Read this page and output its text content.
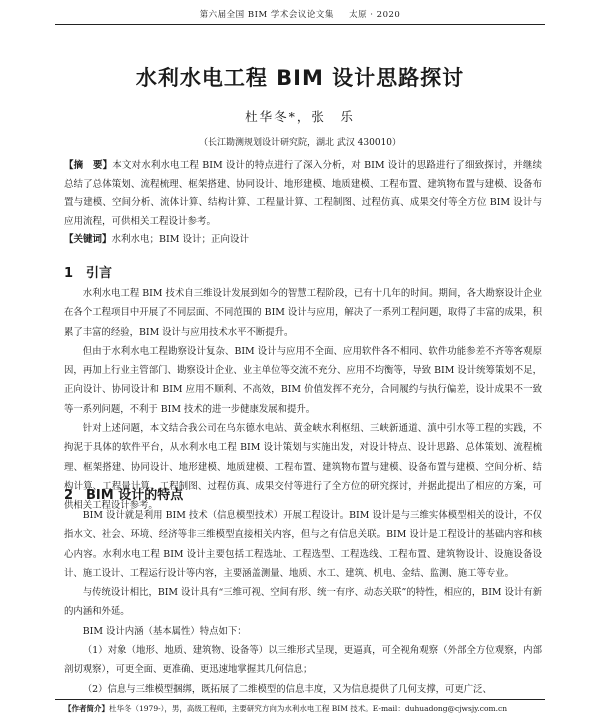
第六届全国 BIM 学术会议论文集 太原 · 2020
水利水电工程 BIM 设计思路探讨
杜华冬*，张　乐
（长江勘测规划设计研究院，湖北 武汉 430010）
【摘　要】本文对水利水电工程 BIM 设计的特点进行了深入分析，对 BIM 设计的思路进行了细致探讨，并继续总结了总体策划、流程梳理、框架搭建、协同设计、地形建模、地质建模、工程布置、建筑物布置与建模、设备布置与建模、空间分析、流体计算、结构计算、工程量计算、工程制图、过程仿真、成果交付等全方位 BIM 设计与应用流程，可供相关工程设计参考。
【关键词】水利水电；BIM 设计；正向设计
1 引言

水利水电工程 BIM 技术自三维设计发展到如今的智慧工程阶段，已有十几年的时间。期间，各大勘察设计企业在各个工程项目中开展了不同层面、不同范围的 BIM 设计与应用，解决了一系列工程问题，取得了丰富的成果，积累了丰富的经验，BIM 设计与应用技术水平不断提升。

但由于水利水电工程勘察设计复杂、BIM 设计与应用不全面、应用软件各不相同、软件功能参差不齐等客观原因，再加上行业主管部门、勘察设计企业、业主单位等交流不充分、应用不均衡等，导致 BIM 设计统筹策划不足，正向设计、协同设计和 BIM 应用不顺利、不高效，BIM 价值发挥不充分，合同履约与执行偏差，设计成果不一致等一系列问题，不利于 BIM 技术的进一步健康发展和提升。

针对上述问题，本文结合我公司在乌东德水电站、黄金峡水利枢纽、三峡新通道、滇中引水等工程的实践，不拘泥于具体的软件平台，从水利水电工程 BIM 设计策划与实施出发，对设计特点、设计思路、总体策划、流程梳理、框架搭建、协同设计、地形建模、地质建模、工程布置、建筑物布置与建模、设备布置与建模、空间分析、结构计算、工程量计算、工程制图、过程仿真、成果交付等进行了全方位的研究探讨，并据此提出了相应的方案，可供相关工程设计参考。

2 BIM 设计的特点

BIM 设计就是利用 BIM 技术（信息模型技术）开展工程设计。BIM 设计是与三维实体模型相关的设计，不仅指水文、社会、环境、经济等非三维模型直接相关内容，但与之有信息关联。BIM 设计是工程设计的基础内容和核心内容。水利水电工程 BIM 设计主要包括工程选址、工程选型、工程选线、工程布置、建筑物设计、设施设备设计、施工设计、工程运行设计等内容，主要涵盖测量、地质、水工、建筑、机电、金结、监测、施工等专业。

与传统设计相比，BIM 设计具有“三维可视、空间有形、统一有序、动态关联”的特性，相应的，BIM 设计有新的内涵和外延。

BIM 设计内涵（基本属性）特点如下：

（1）对象（地形、地质、建筑物、设备等）以三维形式呈现，更逼真，可全视角观察（外部全方位观察，内部剖切观察），可更全面、更准确、更迅速地掌握其几何信息；

（2）信息与三维模型捆绑，既拓展了二维模型的信息丰度，又为信息提供了几何支撑，可更广泛、

【作者简介】杜华冬（1979-），男，高级工程师，主要研究方向为水利水电工程 BIM 技术。E-mail：duhuadong@cjwsjy.com.cn
